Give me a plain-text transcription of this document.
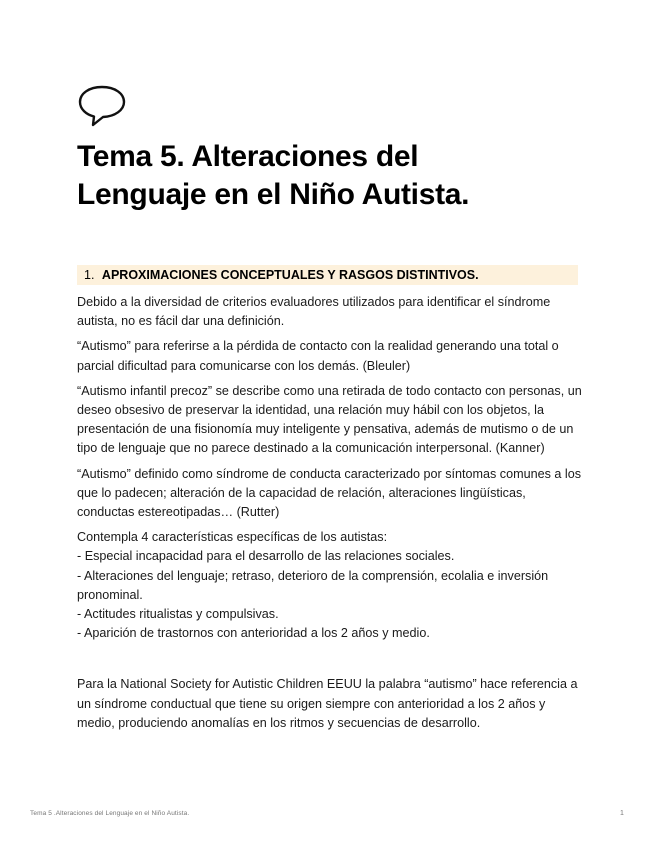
Tema 5. Alteraciones del
Lenguaje en el Niño Autista.
1. APROXIMACIONES CONCEPTUALES Y RASGOS DISTINTIVOS.

Debido a la diversidad de criterios evaluadores utilizados para identificar el síndrome autista, no es fácil dar una definición.

“Autismo” para referirse a la pérdida de contacto con la realidad generando una total o parcial dificultad para comunicarse con los demás. (Bleuler)

“Autismo infantil precoz” se describe como una retirada de todo contacto con personas, un deseo obsesivo de preservar la identidad, una relación muy hábil con los objetos, la presentación de una fisionomía muy inteligente y pensativa, además de mutismo o de un tipo de lenguaje que no parece destinado a la comunicación interpersonal. (Kanner)

“Autismo” definido como síndrome de conducta caracterizado por síntomas comunes a los que lo padecen; alteración de la capacidad de relación, alteraciones lingüísticas, conductas estereotipadas… (Rutter)

Contempla 4 características específicas de los autistas:
- Especial incapacidad para el desarrollo de las relaciones sociales.
- Alteraciones del lenguaje; retraso, deterioro de la comprensión, ecolalia e inversión pronominal.
- Actitudes ritualistas y compulsivas.
- Aparición de trastornos con anterioridad a los 2 años y medio.

Para la National Society for Autistic Children EEUU la palabra “autismo” hace referencia a un síndrome conductual que tiene su origen siempre con anterioridad a los 2 años y medio, produciendo anomalías en los ritmos y secuencias de desarrollo.

Tema 5 .Alteraciones del Lenguaje en el Niño Autista.	1
